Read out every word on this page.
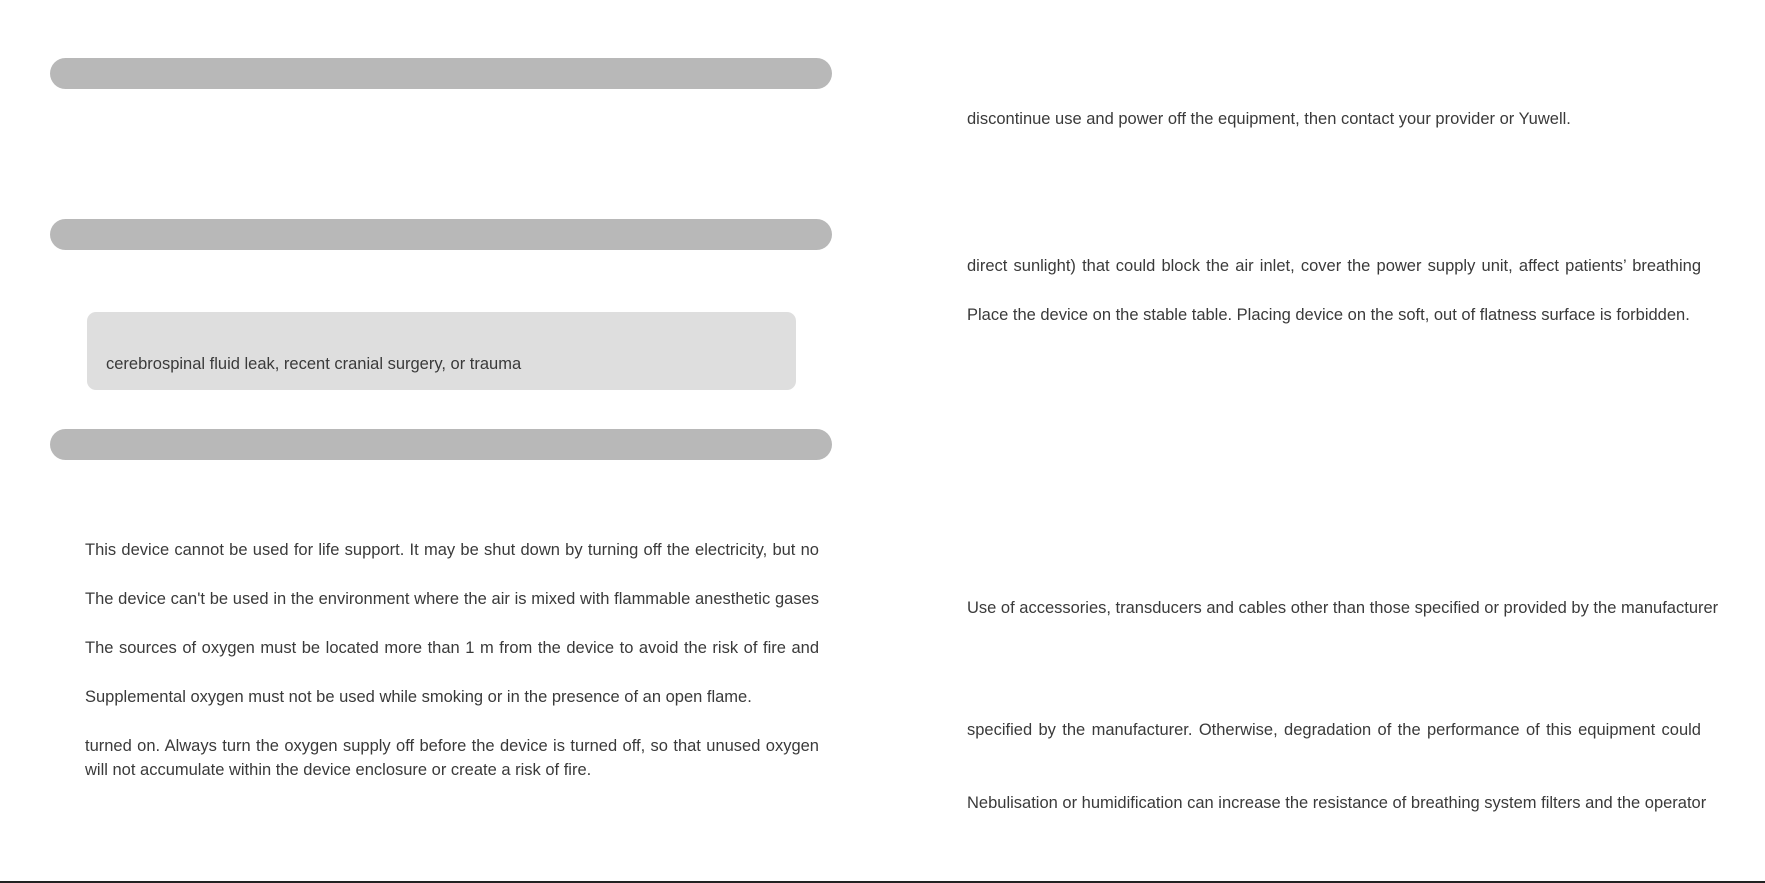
cerebrospinal fluid leak, recent cranial surgery, or trauma
This device cannot be used for life support. It may be shut down by turning off the electricity, but no
The device can't be used in the environment where the air is mixed with flammable anesthetic gases
The sources of oxygen must be located more than 1 m from the device to avoid the risk of fire and
Supplemental oxygen must not be used while smoking or in the presence of an open flame.
turned on. Always turn the oxygen supply off before the device is turned off, so that unused oxygen
will not accumulate within the device enclosure or create a risk of fire.
discontinue use and power off the equipment, then contact your provider or Yuwell.
direct sunlight) that could block the air inlet, cover the power supply unit, affect patients’ breathing
Place the device on the stable table. Placing device on the soft, out of flatness surface is forbidden.
Use of accessories, transducers and cables other than those specified or provided by the manufacturer
specified by the manufacturer. Otherwise, degradation of the performance of this equipment could
Nebulisation or humidification can increase the resistance of breathing system filters and the operator
